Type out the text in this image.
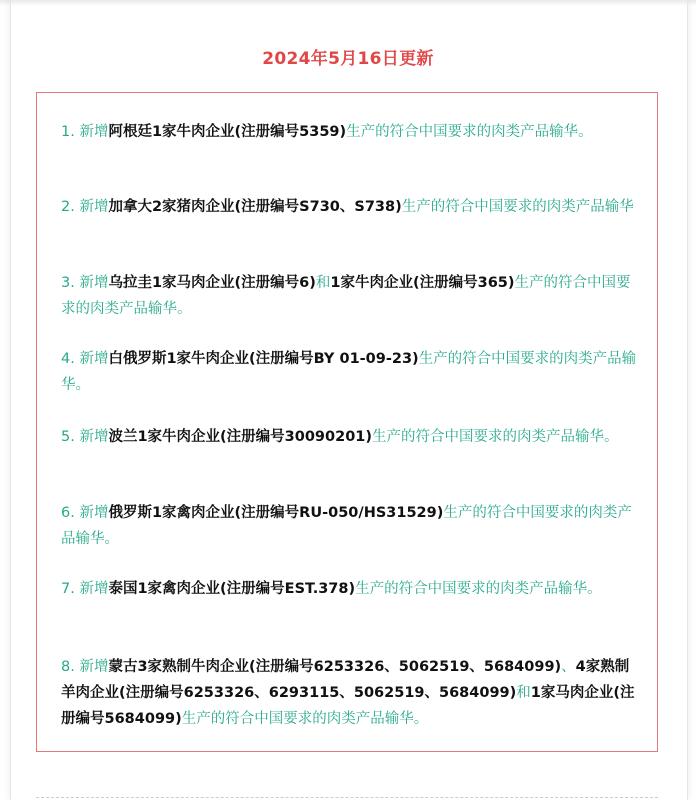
2024年5月16日更新
1. 新增阿根廷1家牛肉企业(注册编号5359)生产的符合中国要求的肉类产品输华。
2. 新增加拿大2家猪肉企业(注册编号S730、S738)生产的符合中国要求的肉类产品输华
3. 新增乌拉圭1家马肉企业(注册编号6)和1家牛肉企业(注册编号365)生产的符合中国要求的肉类产品输华。
4. 新增白俄罗斯1家牛肉企业(注册编号BY 01-09-23)生产的符合中国要求的肉类产品输华。
5. 新增波兰1家牛肉企业(注册编号30090201)生产的符合中国要求的肉类产品输华。
6. 新增俄罗斯1家禽肉企业(注册编号RU-050/HS31529)生产的符合中国要求的肉类产品输华。
7. 新增泰国1家禽肉企业(注册编号EST.378)生产的符合中国要求的肉类产品输华。
8. 新增蒙古3家熟制牛肉企业(注册编号6253326、5062519、5684099)、4家熟制羊肉企业(注册编号6253326、6293115、5062519、5684099)和1家马肉企业(注册编号5684099)生产的符合中国要求的肉类产品输华。
